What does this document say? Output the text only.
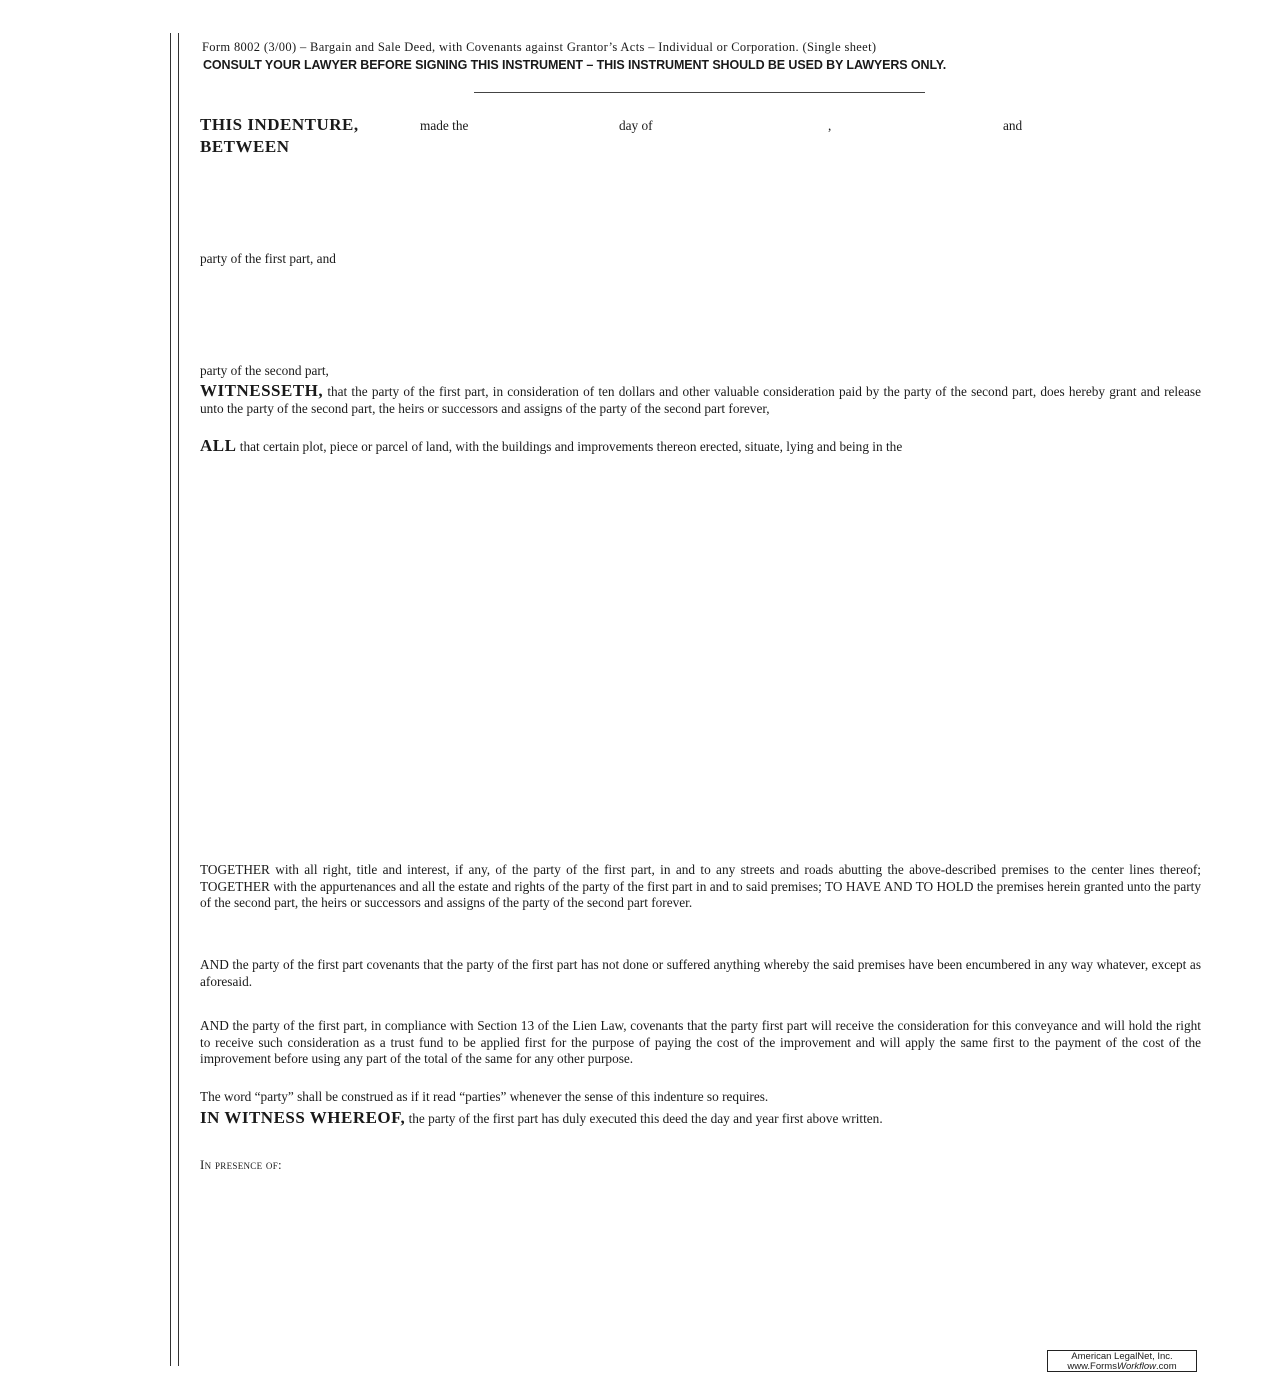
Form 8002 (3/00) – Bargain and Sale Deed, with Covenants against Grantor’s Acts – Individual or Corporation. (Single sheet)
CONSULT YOUR LAWYER BEFORE SIGNING THIS INSTRUMENT – THIS INSTRUMENT SHOULD BE USED BY LAWYERS ONLY.
THIS INDENTURE,	made the	day of	,	and
BETWEEN
party of the first part, and
party of the second part,
WITNESSETH, that the party of the first part, in consideration of ten dollars and other valuable consideration paid by the party of the second part, does hereby grant and release unto the party of the second part, the heirs or successors and assigns of the party of the second part forever,
ALL that certain plot, piece or parcel of land, with the buildings and improvements thereon erected, situate, lying and being in the
TOGETHER with all right, title and interest, if any, of the party of the first part, in and to any streets and roads abutting the above-described premises to the center lines thereof; TOGETHER with the appurtenances and all the estate and rights of the party of the first part in and to said premises; TO HAVE AND TO HOLD the premises herein granted unto the party of the second part, the heirs or successors and assigns of the party of the second part forever.
AND the party of the first part covenants that the party of the first part has not done or suffered anything whereby the said premises have been encumbered in any way whatever, except as aforesaid.
AND the party of the first part, in compliance with Section 13 of the Lien Law, covenants that the party first part will receive the consideration for this conveyance and will hold the right to receive such consideration as a trust fund to be applied first for the purpose of paying the cost of the improvement and will apply the same first to the payment of the cost of the improvement before using any part of the total of the same for any other purpose.
The word “party” shall be construed as if it read “parties” whenever the sense of this indenture so requires.
IN WITNESS WHEREOF, the party of the first part has duly executed this deed the day and year first above written.
In presence of:
American LegalNet, Inc.
www.FormsWorkflow.com
